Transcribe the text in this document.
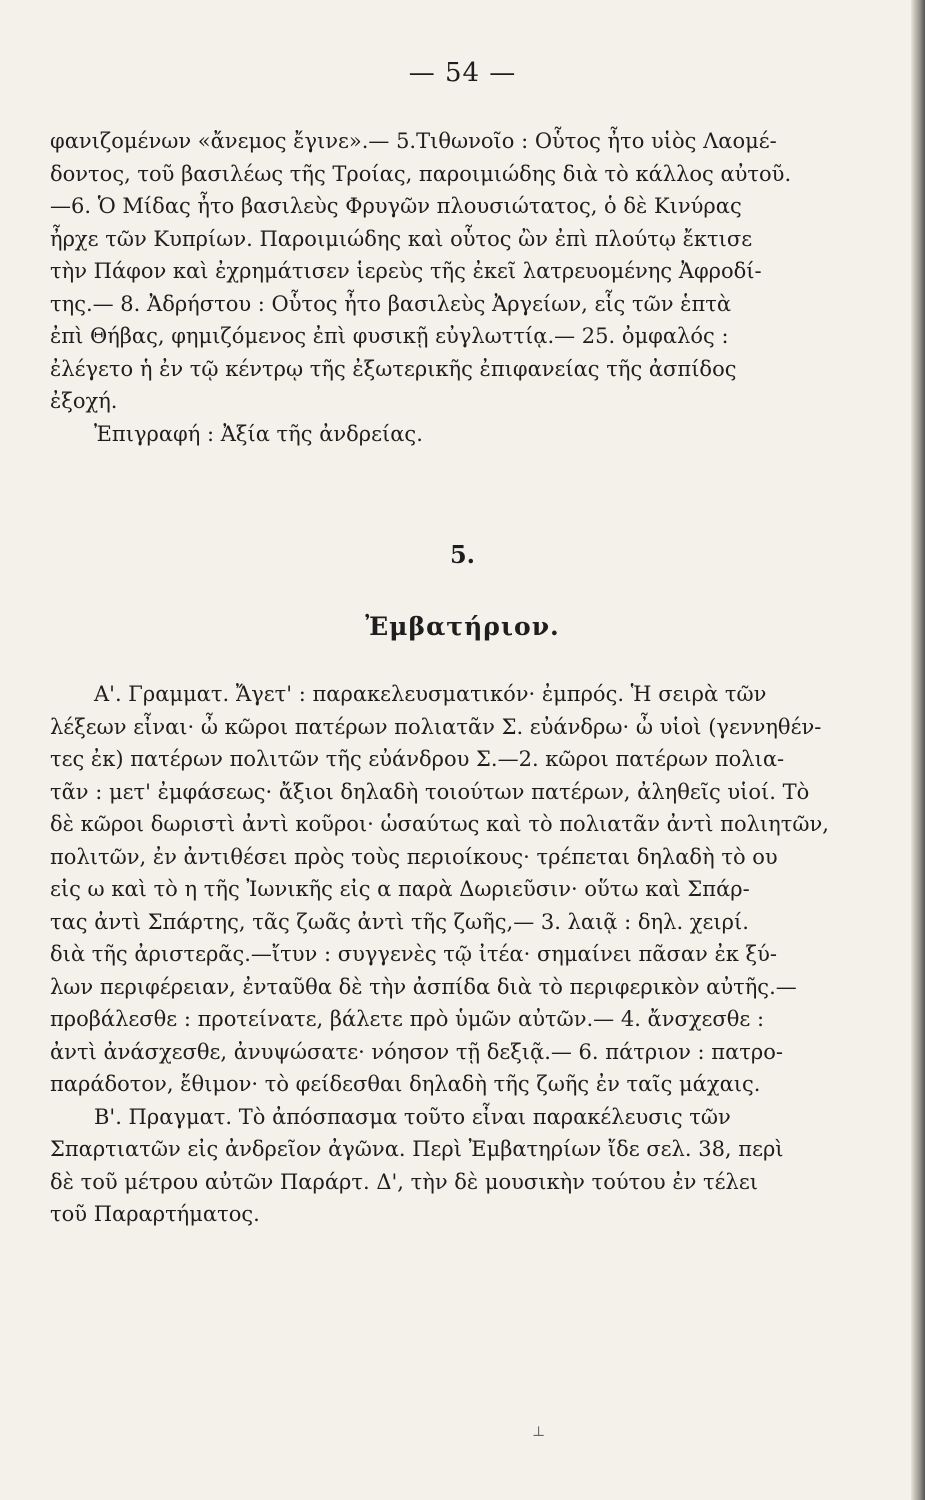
— 54 —
φανιζομένων «ἄνεμος ἔγινε».— 5.Τιθωνοῖο : Οὗτος ἦτο υἱὸς Λαομέ-
δοντος, τοῦ βασιλέως τῆς Τροίας, παροιμιώδης διὰ τὸ κάλλος αὐτοῦ.
—6. Ὁ Μίδας ἦτο βασιλεὺς Φρυγῶν πλουσιώτατος, ὁ δὲ Κινύρας
ἦρχε τῶν Κυπρίων. Παροιμιώδης καὶ οὗτος ὢν ἐπὶ πλούτῳ ἔκτισε
τὴν Πάφον καὶ ἐχρημάτισεν ἱερεὺς τῆς ἐκεῖ λατρευομένης Ἀφροδί-
της.— 8. Ἀδρήστου : Οὗτος ἦτο βασιλεὺς Ἀργείων, εἷς τῶν ἑπτὰ
ἐπὶ Θήβας, φημιζόμενος ἐπὶ φυσικῇ εὐγλωττίᾳ.— 25. ὀμφαλός :
ἐλέγετο ἡ ἐν τῷ κέντρῳ τῆς ἐξωτερικῆς ἐπιφανείας τῆς ἀσπίδος
ἐξοχή.
Ἐπιγραφή : Ἀξία τῆς ἀνδρείας.
5.
Ἐμβατήριον.
Α'. Γραμματ. Ἄγετ' : παρακελευσματικόν· ἐμπρός. Ἡ σειρὰ τῶν
λέξεων εἶναι· ὦ κῶροι πατέρων πολιατᾶν Σ. εὐάνδρω· ὦ υἱοὶ (γεννηθέν-
τες ἐκ) πατέρων πολιτῶν τῆς εὐάνδρου Σ.—2. κῶροι πατέρων πολια-
τᾶν : μετ' ἐμφάσεως· ἄξιοι δηλαδὴ τοιούτων πατέρων, ἀληθεῖς υἱοί. Τὸ
δὲ κῶροι δωριστὶ ἀντὶ κοῦροι· ὡσαύτως καὶ τὸ πολιατᾶν ἀντὶ πολιητῶν,
πολιτῶν, ἐν ἀντιθέσει πρὸς τοὺς περιοίκους· τρέπεται δηλαδὴ τὸ ου
εἰς ω καὶ τὸ η τῆς Ἰωνικῆς εἰς α παρὰ Δωριεῦσιν· οὕτω καὶ Σπάρ-
τας ἀντὶ Σπάρτης, τᾶς ζωᾶς ἀντὶ τῆς ζωῆς,— 3. λαιᾷ : δηλ. χειρί.
διὰ τῆς ἀριστερᾶς.—ἴτυν : συγγενὲς τῷ ἰτέα· σημαίνει πᾶσαν ἐκ ξύ-
λων περιφέρειαν, ἐνταῦθα δὲ τὴν ἀσπίδα διὰ τὸ περιφερικὸν αὐτῆς.—
προβάλεσθε : προτείνατε, βάλετε πρὸ ὑμῶν αὐτῶν.— 4. ἄνσχεσθε :
ἀντὶ ἀνάσχεσθε, ἀνυψώσατε· νόησον τῇ δεξιᾷ.— 6. πάτριον : πατρο-
παράδοτον, ἔθιμον· τὸ φείδεσθαι δηλαδὴ τῆς ζωῆς ἐν ταῖς μάχαις.
Β'. Πραγματ. Τὸ ἀπόσπασμα τοῦτο εἶναι παρακέλευσις τῶν
Σπαρτιατῶν εἰς ἀνδρεῖον ἀγῶνα. Περὶ Ἐμβατηρίων ἴδε σελ. 38, περὶ
δὲ τοῦ μέτρου αὐτῶν Παράρτ. Δ', τὴν δὲ μουσικὴν τούτου ἐν τέλει
τοῦ Παραρτήματος.
⊥
